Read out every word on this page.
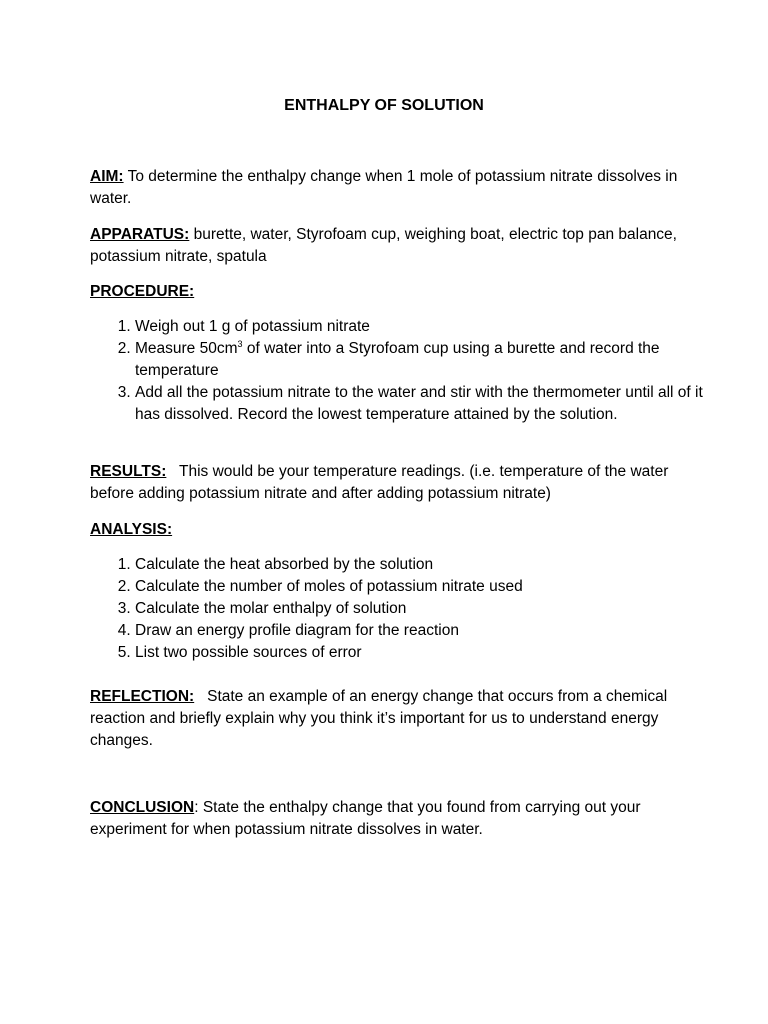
ENTHALPY OF SOLUTION

AIM: To determine the enthalpy change when 1 mole of potassium nitrate dissolves in water.

APPARATUS: burette, water, Styrofoam cup, weighing boat, electric top pan balance, potassium nitrate, spatula

PROCEDURE:

1. Weigh out 1 g of potassium nitrate
2. Measure $50cm^3$ of water into a Styrofoam cup using a burette and record the temperature
3. Add all the potassium nitrate to the water and stir with the thermometer until all of it has dissolved. Record the lowest temperature attained by the solution.

RESULTS:   This would be your temperature readings. (i.e. temperature of the water before adding potassium nitrate and after adding potassium nitrate)

ANALYSIS:

1. Calculate the heat absorbed by the solution
2. Calculate the number of moles of potassium nitrate used
3. Calculate the molar enthalpy of solution
4. Draw an energy profile diagram for the reaction
5. List two possible sources of error

REFLECTION:   State an example of an energy change that occurs from a chemical reaction and briefly explain why you think it’s important for us to understand energy changes.

CONCLUSION: State the enthalpy change that you found from carrying out your experiment for when potassium nitrate dissolves in water.
